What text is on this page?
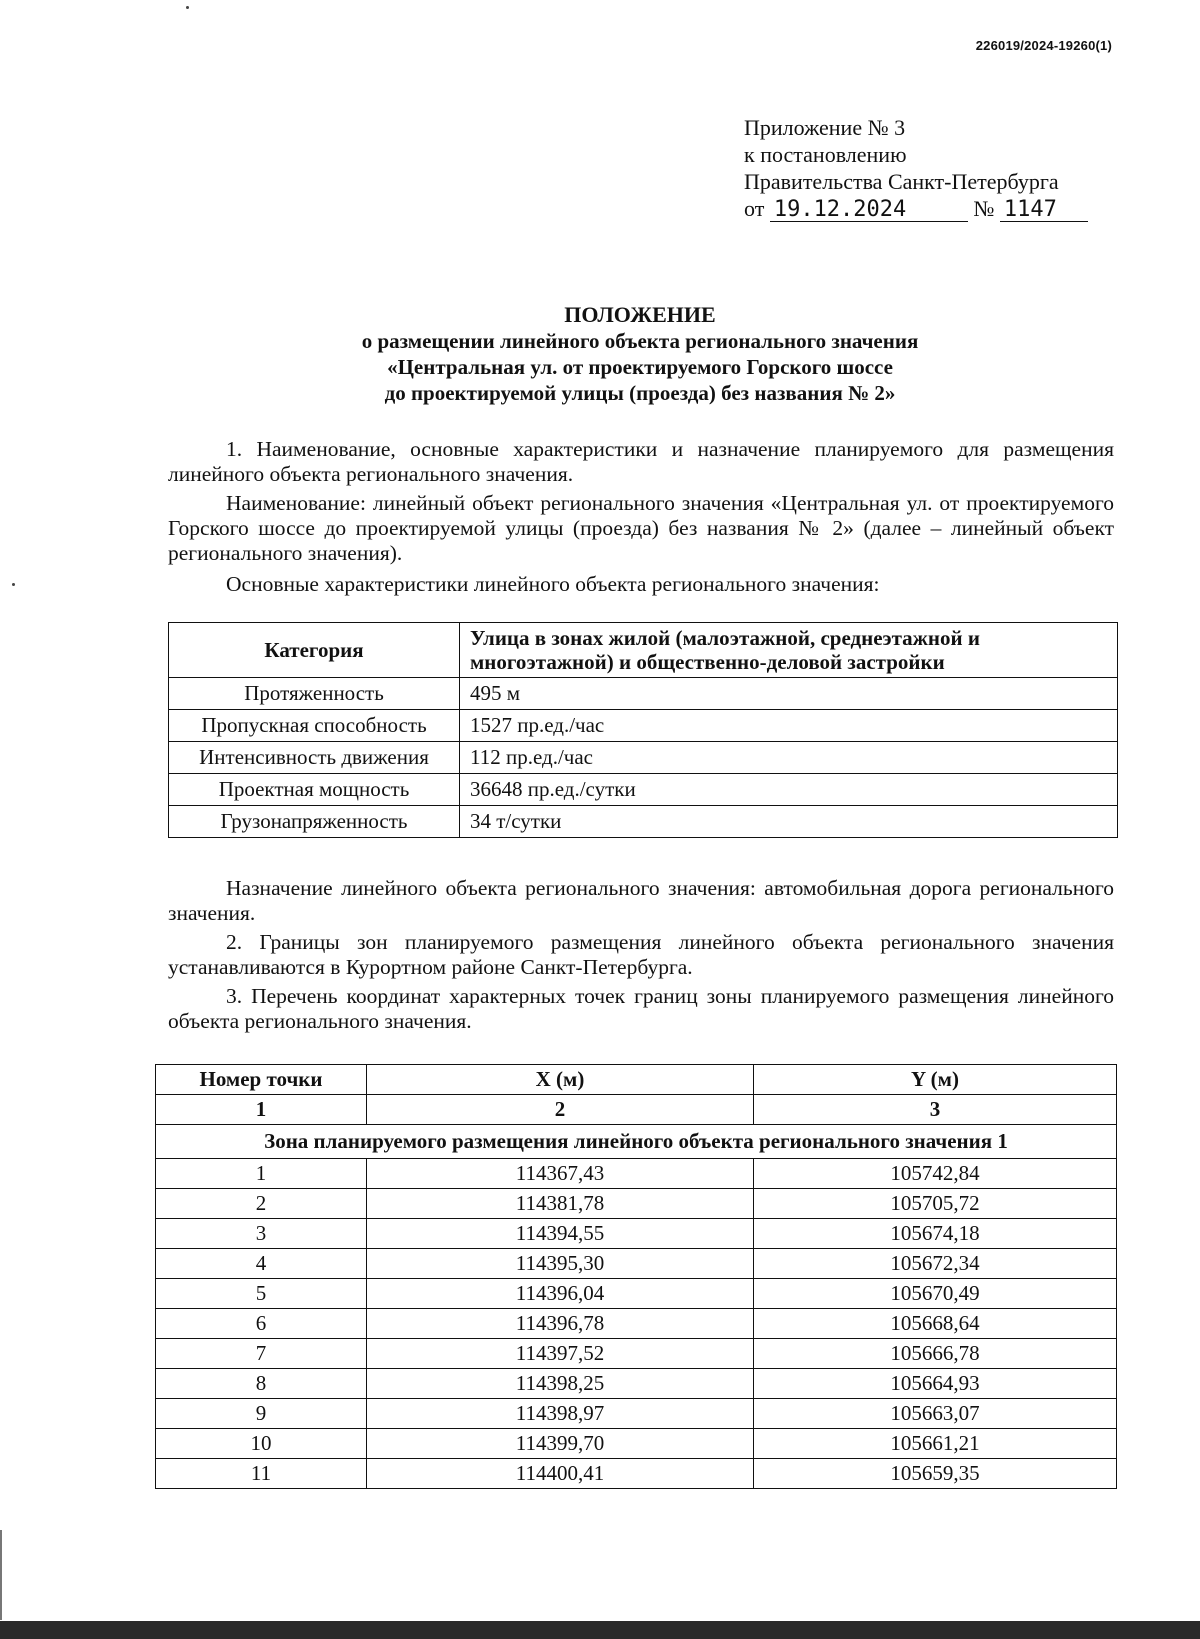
226019/2024-19260(1)
Приложение № 3
к постановлению
Правительства Санкт-Петербурга
от 19.12.2024	№ 1147
ПОЛОЖЕНИЕ
о размещении линейного объекта регионального значения
«Центральная ул. от проектируемого Горского шоссе
до проектируемой улицы (проезда) без названия № 2»
1. Наименование, основные характеристики и назначение планируемого для размещения линейного объекта регионального значения.
Наименование: линейный объект регионального значения «Центральная ул. от проектируемого Горского шоссе до проектируемой улицы (проезда) без названия № 2» (далее – линейный объект регионального значения).
Основные характеристики линейного объекта регионального значения:
Категория	Улица в зонах жилой (малоэтажной, среднеэтажной и многоэтажной) и общественно-деловой застройки
Протяженность	495 м
Пропускная способность	1527 пр.ед./час
Интенсивность движения	112 пр.ед./час
Проектная мощность	36648 пр.ед./сутки
Грузонапряженность	34 т/сутки
Назначение линейного объекта регионального значения: автомобильная дорога регионального значения.
2. Границы зон планируемого размещения линейного объекта регионального значения устанавливаются в Курортном районе Санкт-Петербурга.
3. Перечень координат характерных точек границ зоны планируемого размещения линейного объекта регионального значения.
Номер точки	X (м)	Y (м)
1	2	3
Зона планируемого размещения линейного объекта регионального значения 1		
1	114367,43	105742,84
2	114381,78	105705,72
3	114394,55	105674,18
4	114395,30	105672,34
5	114396,04	105670,49
6	114396,78	105668,64
7	114397,52	105666,78
8	114398,25	105664,93
9	114398,97	105663,07
10	114399,70	105661,21
11	114400,41	105659,35
